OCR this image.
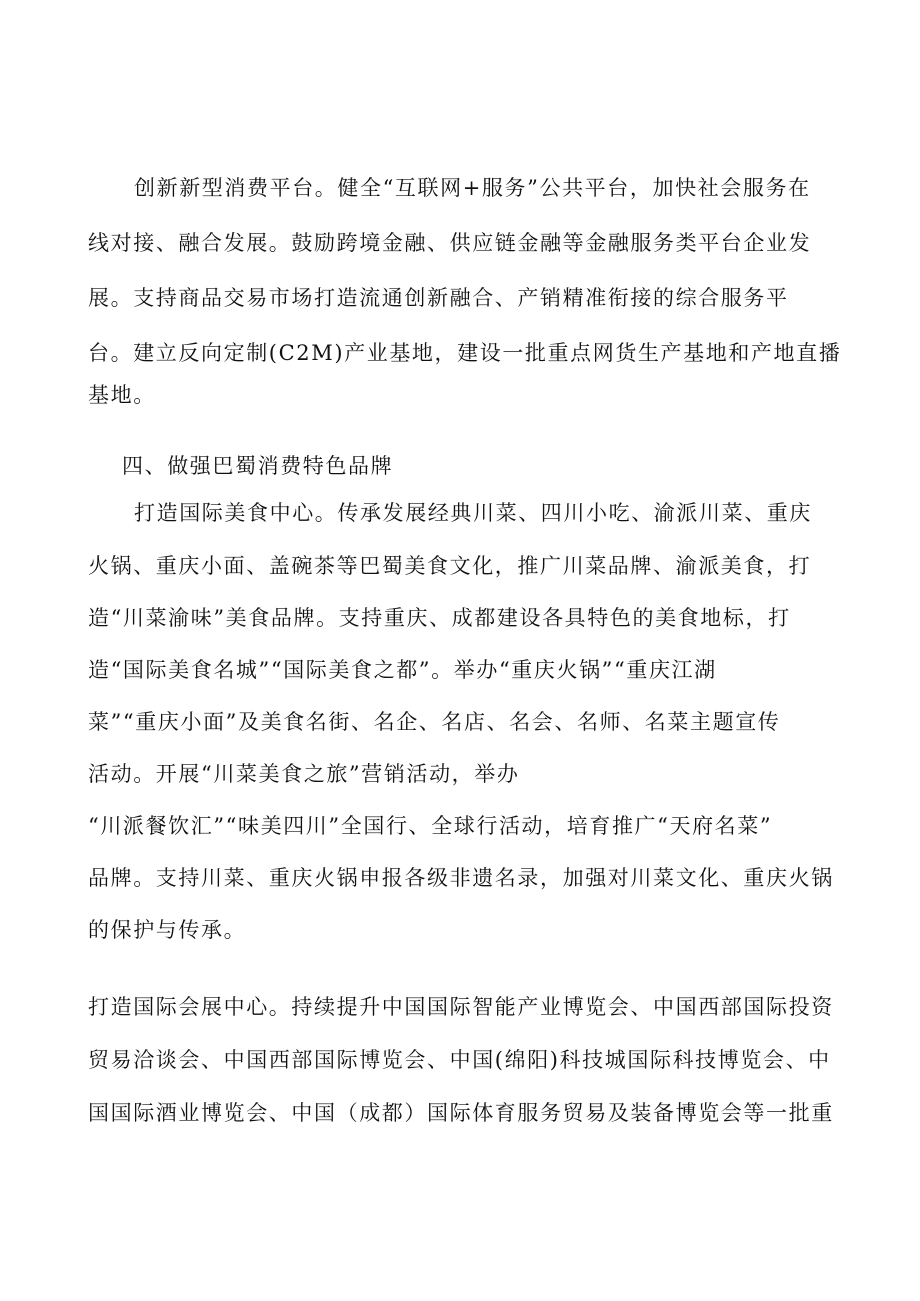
创新新型消费平台。健全“互联网+服务”公共平台，加快社会服务在
线对接、融合发展。鼓励跨境金融、供应链金融等金融服务类平台企业发
展。支持商品交易市场打造流通创新融合、产销精准衔接的综合服务平
台。建立反向定制(C2M)产业基地，建设一批重点网货生产基地和产地直播
基地。
四、做强巴蜀消费特色品牌
打造国际美食中心。传承发展经典川菜、四川小吃、渝派川菜、重庆
火锅、重庆小面、盖碗茶等巴蜀美食文化，推广川菜品牌、渝派美食，打
造“川菜渝味”美食品牌。支持重庆、成都建设各具特色的美食地标，打
造“国际美食名城”“国际美食之都”。举办“重庆火锅”“重庆江湖
菜”“重庆小面”及美食名街、名企、名店、名会、名师、名菜主题宣传
活动。开展“川菜美食之旅”营销活动，举办
“川派餐饮汇”“味美四川”全国行、全球行活动，培育推广“天府名菜”
品牌。支持川菜、重庆火锅申报各级非遗名录，加强对川菜文化、重庆火锅
的保护与传承。
打造国际会展中心。持续提升中国国际智能产业博览会、中国西部国际投资
贸易洽谈会、中国西部国际博览会、中国(绵阳)科技城国际科技博览会、中
国国际酒业博览会、中国（成都）国际体育服务贸易及装备博览会等一批重
